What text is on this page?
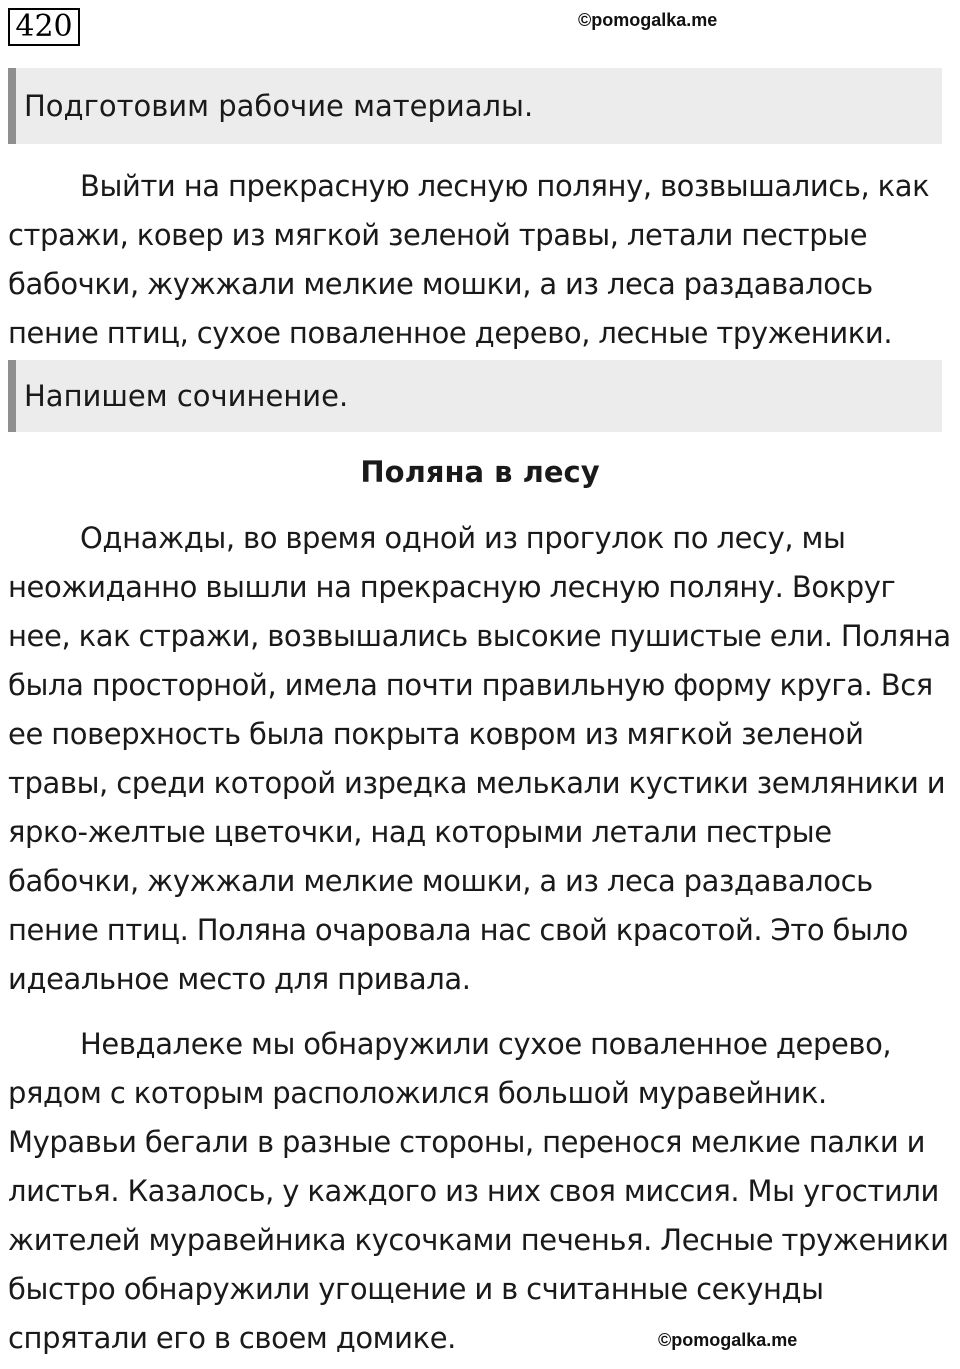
420	©pomogalka.me
Подготовим рабочие материалы.

Выйти на прекрасную лесную поляну, возвышались, как стражи, ковер из мягкой зеленой травы, летали пестрые бабочки, жужжали мелкие мошки, а из леса раздавалось пение птиц, сухое поваленное дерево, лесные труженики.

Напишем сочинение.
Поляна в лесу

Однажды, во время одной из прогулок по лесу, мы неожиданно вышли на прекрасную лесную поляну. Вокруг нее, как стражи, возвышались высокие пушистые ели. Поляна была просторной, имела почти правильную форму круга. Вся ее поверхность была покрыта ковром из мягкой зеленой травы, среди которой изредка мелькали кустики земляники и ярко-желтые цветочки, над которыми летали пестрые бабочки, жужжали мелкие мошки, а из леса раздавалось пение птиц. Поляна очаровала нас свой красотой. Это было идеальное место для привала.

Невдалеке мы обнаружили сухое поваленное дерево, рядом с которым расположился большой муравейник. Муравьи бегали в разные стороны, перенося мелкие палки и листья. Казалось, у каждого из них своя миссия. Мы угостили жителей муравейника кусочками печенья. Лесные труженики быстро обнаружили угощение и в считанные секунды спрятали его в своем домике.	©pomogalka.me
